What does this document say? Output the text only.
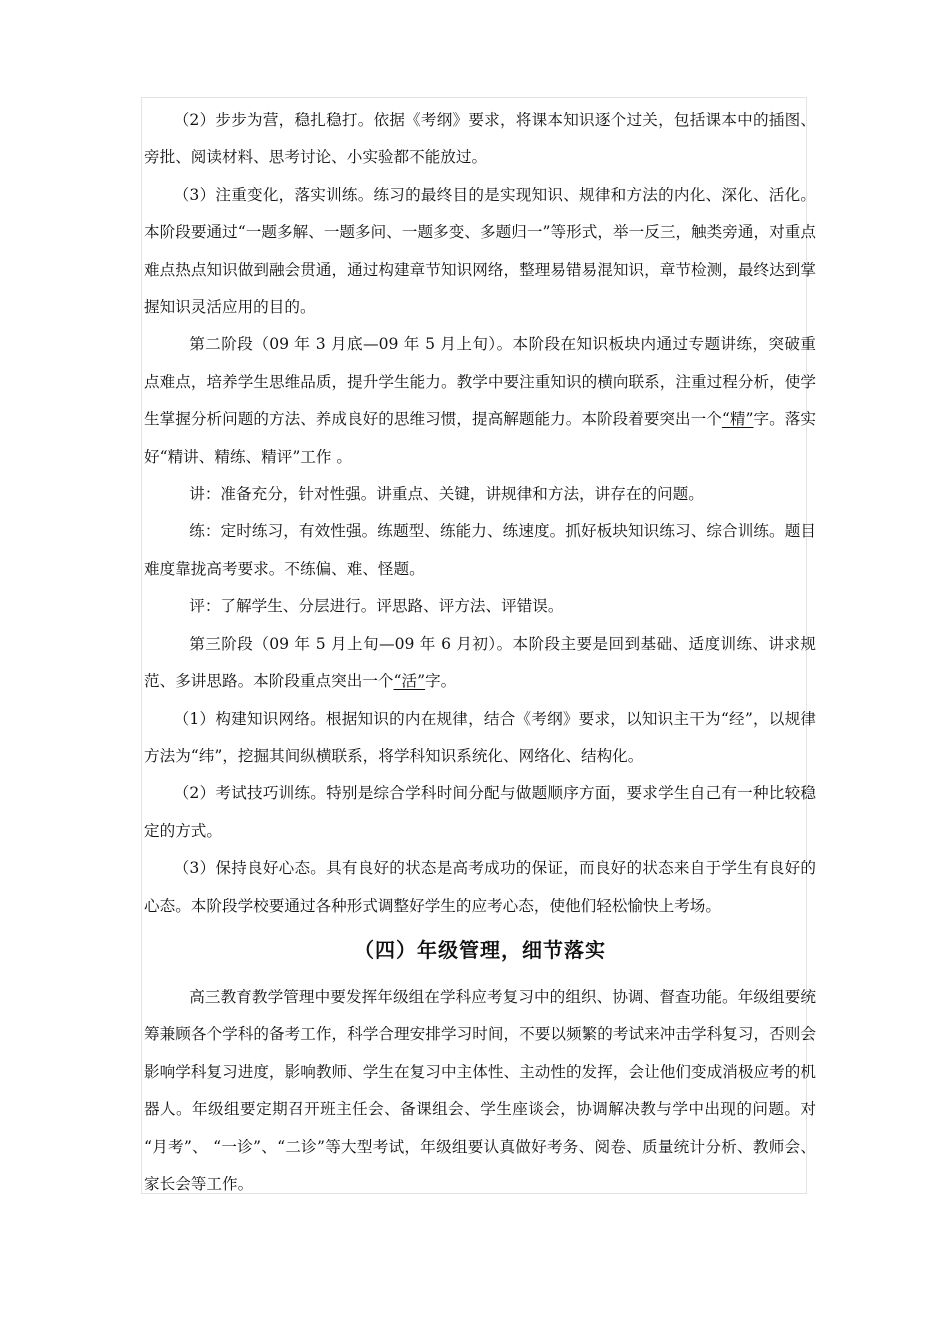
（2）步步为营，稳扎稳打。依据《考纲》要求，将课本知识逐个过关，包括课本中的插图、旁批、阅读材料、思考讨论、小实验都不能放过。

（3）注重变化，落实训练。练习的最终目的是实现知识、规律和方法的内化、深化、活化。本阶段要通过“一题多解、一题多问、一题多变、多题归一”等形式，举一反三，触类旁通，对重点难点热点知识做到融会贯通，通过构建章节知识网络，整理易错易混知识，章节检测，最终达到掌握知识灵活应用的目的。

第二阶段（09 年 3 月底—09 年 5 月上旬）。本阶段在知识板块内通过专题讲练，突破重点难点，培养学生思维品质，提升学生能力。教学中要注重知识的横向联系，注重过程分析，使学生掌握分析问题的方法、养成良好的思维习惯，提高解题能力。本阶段着要突出一个“精”字。落实好“精讲、精练、精评”工作 。

讲：准备充分，针对性强。讲重点、关键，讲规律和方法，讲存在的问题。

练：定时练习，有效性强。练题型、练能力、练速度。抓好板块知识练习、综合训练。题目难度靠拢高考要求。不练偏、难、怪题。

评：了解学生、分层进行。评思路、评方法、评错误。

第三阶段（09 年 5 月上旬—09 年 6 月初）。本阶段主要是回到基础、适度训练、讲求规范、多讲思路。本阶段重点突出一个“活”字。

（1）构建知识网络。根据知识的内在规律，结合《考纲》要求，以知识主干为“经”，以规律方法为“纬”，挖掘其间纵横联系，将学科知识系统化、网络化、结构化。

（2）考试技巧训练。特别是综合学科时间分配与做题顺序方面，要求学生自己有一种比较稳定的方式。

（3）保持良好心态。具有良好的状态是高考成功的保证，而良好的状态来自于学生有良好的心态。本阶段学校要通过各种形式调整好学生的应考心态，使他们轻松愉快上考场。

（四）年级管理，细节落实

高三教育教学管理中要发挥年级组在学科应考复习中的组织、协调、督查功能。年级组要统筹兼顾各个学科的备考工作，科学合理安排学习时间，不要以频繁的考试来冲击学科复习，否则会影响学科复习进度，影响教师、学生在复习中主体性、主动性的发挥，会让他们变成消极应考的机器人。年级组要定期召开班主任会、备课组会、学生座谈会，协调解决教与学中出现的问题。对 “月考”、 “一诊”、“二诊”等大型考试，年级组要认真做好考务、阅卷、质量统计分析、教师会、家长会等工作。
